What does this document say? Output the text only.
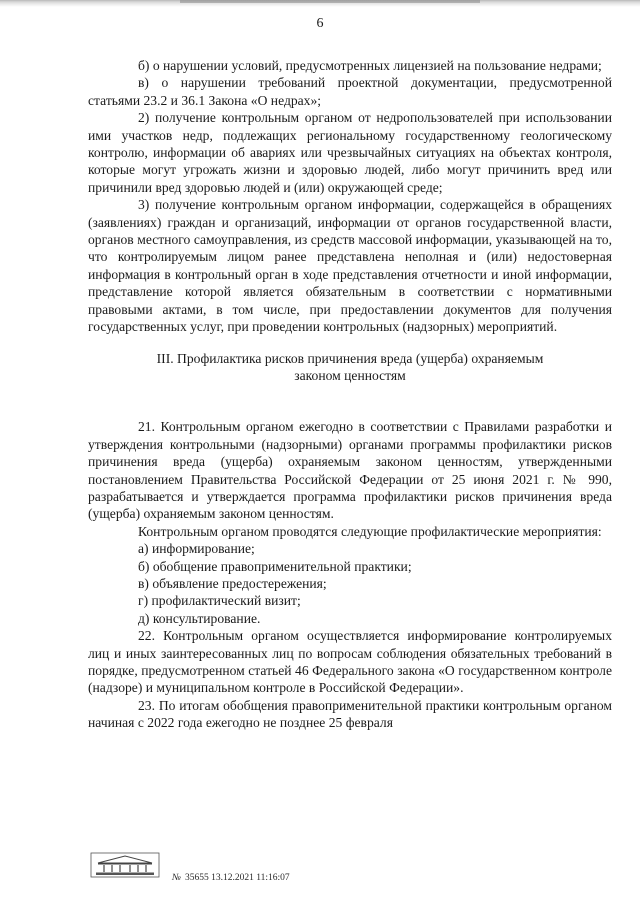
6

б) о нарушении условий, предусмотренных лицензией на пользование недрами;

в) о нарушении требований проектной документации, предусмотренной статьями 23.2 и 36.1 Закона «О недрах»;

2) получение контрольным органом от недропользователей при использовании ими участков недр, подлежащих региональному государственному геологическому контролю, информации об авариях или чрезвычайных ситуациях на объектах контроля, которые могут угрожать жизни и здоровью людей, либо могут причинить вред или причинили вред здоровью людей и (или) окружающей среде;

3) получение контрольным органом информации, содержащейся в обращениях (заявлениях) граждан и организаций, информации от органов государственной власти, органов местного самоуправления, из средств массовой информации, указывающей на то, что контролируемым лицом ранее представлена неполная и (или) недостоверная информация в контрольный орган в ходе представления отчетности и иной информации, представление которой является обязательным в соответствии с нормативными правовыми актами, в том числе, при предоставлении документов для получения государственных услуг, при проведении контрольных (надзорных) мероприятий.

III. Профилактика рисков причинения вреда (ущерба) охраняемым законом ценностям

21. Контрольным органом ежегодно в соответствии с Правилами разработки и утверждения контрольными (надзорными) органами программы профилактики рисков причинения вреда (ущерба) охраняемым законом ценностям, утвержденными постановлением Правительства Российской Федерации от 25 июня 2021 г. № 990, разрабатывается и утверждается программа профилактики рисков причинения вреда (ущерба) охраняемым законом ценностям.

Контрольным органом проводятся следующие профилактические мероприятия:

а) информирование;

б) обобщение правоприменительной практики;

в) объявление предостережения;

г) профилактический визит;

д) консультирование.

22. Контрольным органом осуществляется информирование контролируемых лиц и иных заинтересованных лиц по вопросам соблюдения обязательных требований в порядке, предусмотренном статьей 46 Федерального закона «О государственном контроле (надзоре) и муниципальном контроле в Российской Федерации».

23. По итогам обобщения правоприменительной практики контрольным органом начиная с 2022 года ежегодно не позднее 25 февраля

№ 35655 13.12.2021 11:16:07
